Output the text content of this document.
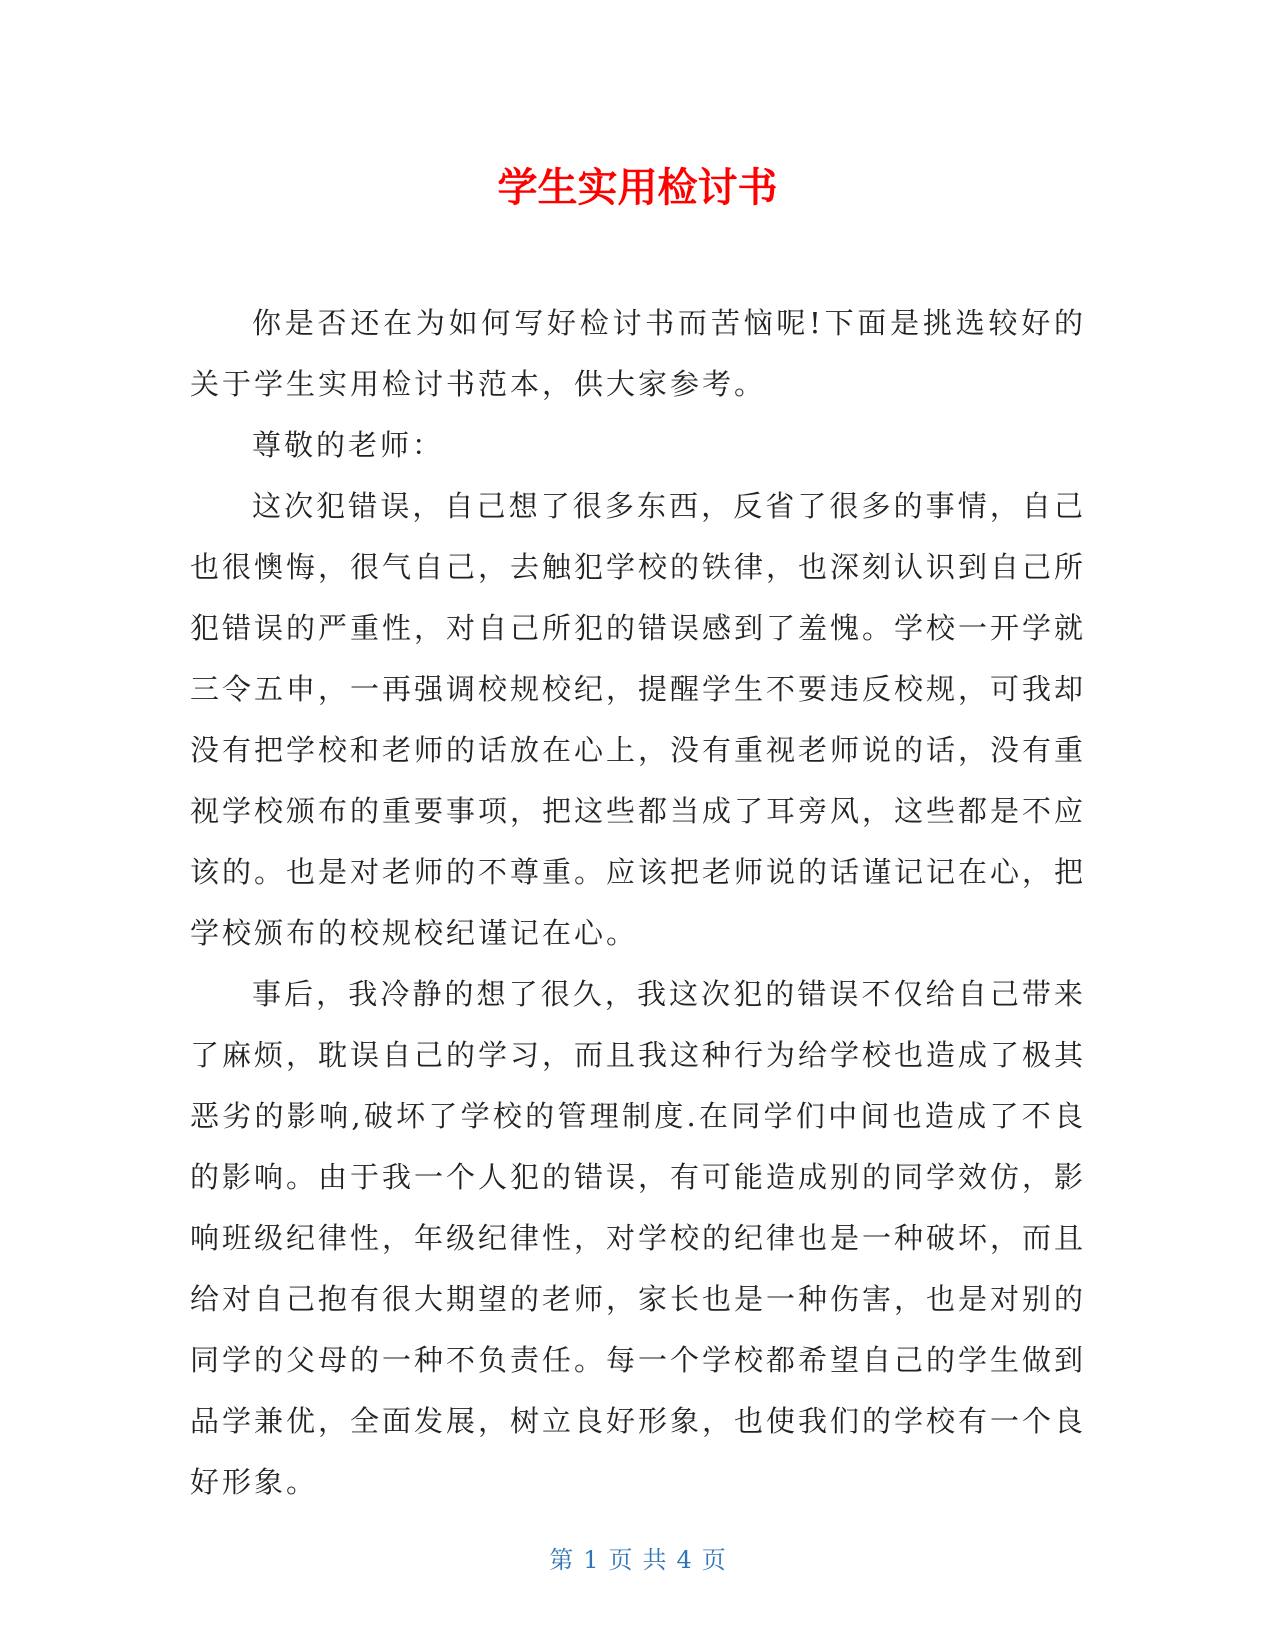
学生实用检讨书

你是否还在为如何写好检讨书而苦恼呢!下面是挑选较好的关于学生实用检讨书范本，供大家参考。

尊敬的老师：

这次犯错误，自己想了很多东西，反省了很多的事情，自己也很懊悔，很气自己，去触犯学校的铁律，也深刻认识到自己所犯错误的严重性，对自己所犯的错误感到了羞愧。学校一开学就三令五申，一再强调校规校纪，提醒学生不要违反校规，可我却没有把学校和老师的话放在心上，没有重视老师说的话，没有重视学校颁布的重要事项，把这些都当成了耳旁风，这些都是不应该的。也是对老师的不尊重。应该把老师说的话谨记记在心，把学校颁布的校规校纪谨记在心。

事后，我冷静的想了很久，我这次犯的错误不仅给自己带来了麻烦，耽误自己的学习，而且我这种行为给学校也造成了极其恶劣的影响,破坏了学校的管理制度.在同学们中间也造成了不良的影响。由于我一个人犯的错误，有可能造成别的同学效仿，影响班级纪律性，年级纪律性，对学校的纪律也是一种破坏，而且给对自己抱有很大期望的老师，家长也是一种伤害，也是对别的同学的父母的一种不负责任。每一个学校都希望自己的学生做到品学兼优，全面发展，树立良好形象，也使我们的学校有一个良好形象。

第 1 页 共 4 页
